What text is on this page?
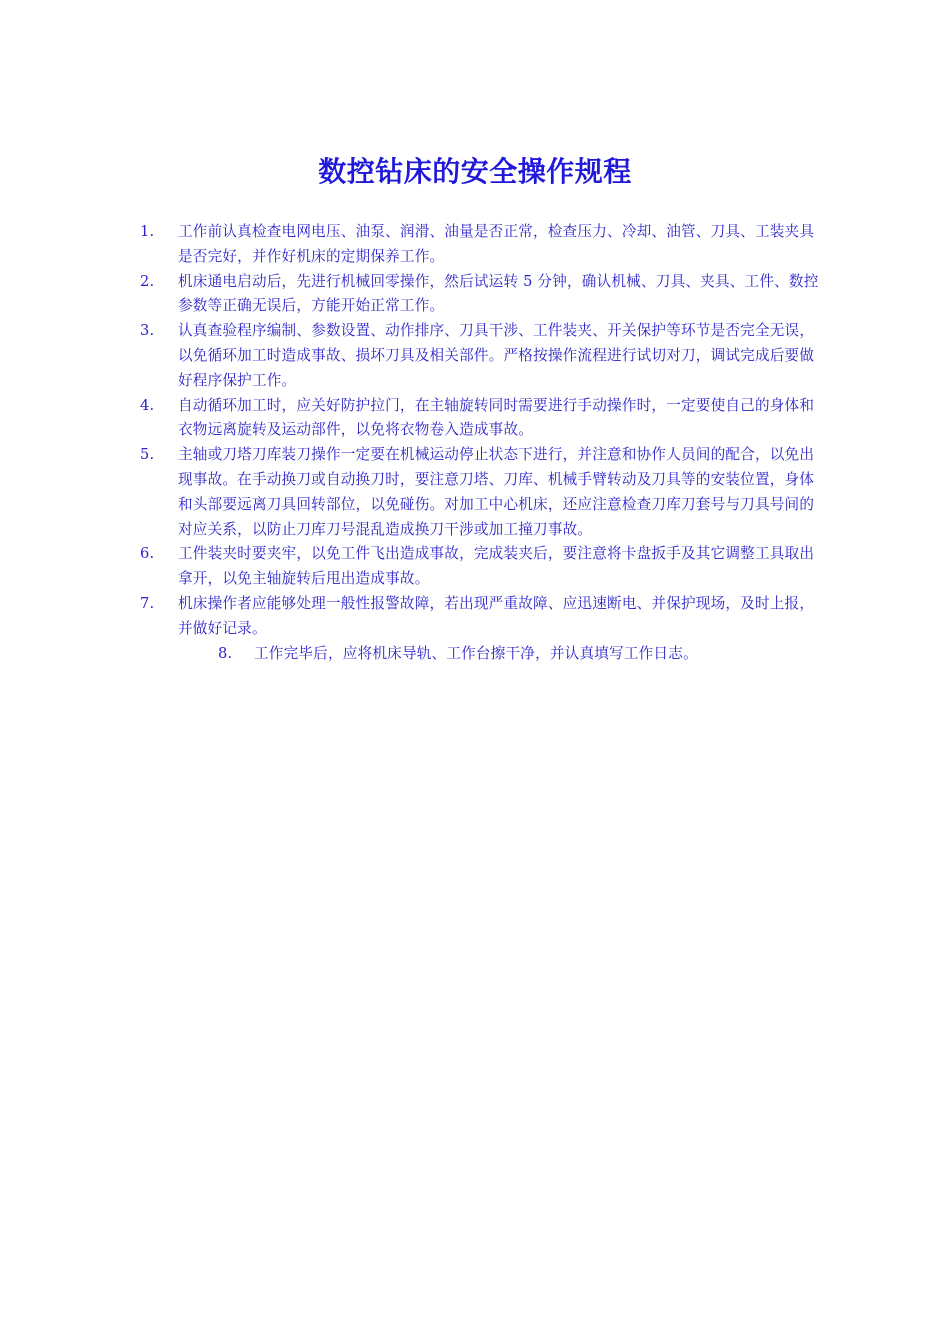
数控钻床的安全操作规程
1.	工作前认真检查电网电压、油泵、润滑、油量是否正常，检查压力、冷却、油管、刀具、工装夹具是否完好，并作好机床的定期保养工作。
2.	机床通电启动后，先进行机械回零操作，然后试运转 5 分钟，确认机械、刀具、夹具、工件、数控参数等正确无误后，方能开始正常工作。
3.	认真查验程序编制、参数设置、动作排序、刀具干涉、工件装夹、开关保护等环节是否完全无误，以免循环加工时造成事故、损坏刀具及相关部件。严格按操作流程进行试切对刀，调试完成后要做好程序保护工作。
4.	自动循环加工时，应关好防护拉门，在主轴旋转同时需要进行手动操作时，一定要使自己的身体和衣物远离旋转及运动部件，以免将衣物卷入造成事故。
5.	主轴或刀塔刀库装刀操作一定要在机械运动停止状态下进行，并注意和协作人员间的配合，以免出现事故。在手动换刀或自动换刀时，要注意刀塔、刀库、机械手臂转动及刀具等的安装位置，身体和头部要远离刀具回转部位，以免碰伤。对加工中心机床，还应注意检查刀库刀套号与刀具号间的对应关系，以防止刀库刀号混乱造成换刀干涉或加工撞刀事故。
6.	工件装夹时要夹牢，以免工件飞出造成事故，完成装夹后，要注意将卡盘扳手及其它调整工具取出拿开，以免主轴旋转后甩出造成事故。
7.	机床操作者应能够处理一般性报警故障，若出现严重故障、应迅速断电、并保护现场，及时上报，并做好记录。
8.	工作完毕后，应将机床导轨、工作台擦干净，并认真填写工作日志。
